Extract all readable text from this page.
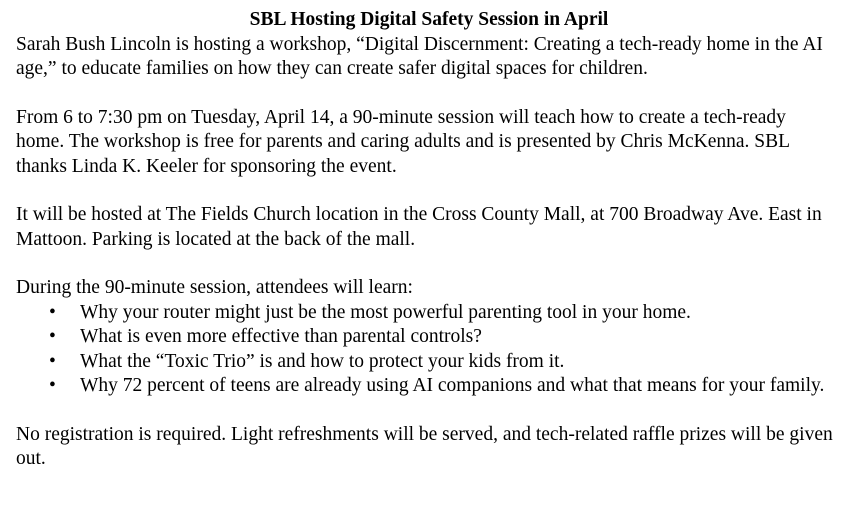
SBL Hosting Digital Safety Session in April

Sarah Bush Lincoln is hosting a workshop, “Digital Discernment: Creating a tech-ready home in the AI age,” to educate families on how they can create safer digital spaces for children.

From 6 to 7:30 pm on Tuesday, April 14, a 90-minute session will teach how to create a tech-ready home. The workshop is free for parents and caring adults and is presented by Chris McKenna. SBL thanks Linda K. Keeler for sponsoring the event.

It will be hosted at The Fields Church location in the Cross County Mall, at 700 Broadway Ave. East in Mattoon. Parking is located at the back of the mall.

During the 90-minute session, attendees will learn:

• Why your router might just be the most powerful parenting tool in your home.
• What is even more effective than parental controls?
• What the “Toxic Trio” is and how to protect your kids from it.
• Why 72 percent of teens are already using AI companions and what that means for your family.

No registration is required. Light refreshments will be served, and tech-related raffle prizes will be given out.
